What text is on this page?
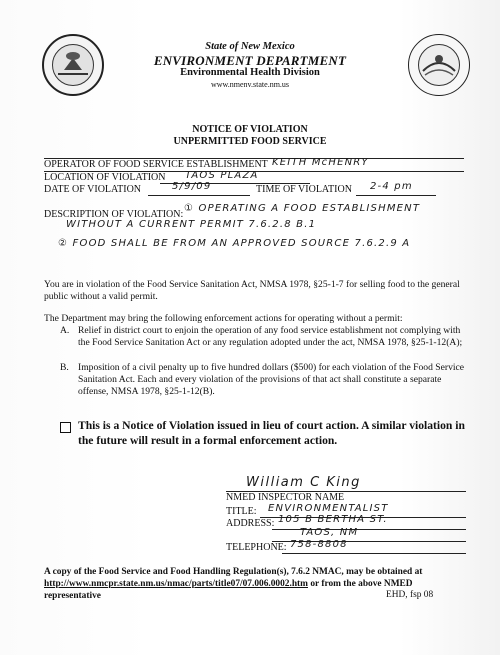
State of New Mexico
ENVIRONMENT DEPARTMENT
Environmental Health Division
www.nmenv.state.nm.us
NOTICE OF VIOLATION
UNPERMITTED FOOD SERVICE
OPERATOR OF FOOD SERVICE ESTABLISHMENT KEITH McHENRY
LOCATION OF VIOLATION TAOS PLAZA
DATE OF VIOLATION	5/9/09	TIME OF VIOLATION 2-4 pm
DESCRIPTION OF VIOLATION:
① OPERATING A FOOD ESTABLISHMENT
WITHOUT A CURRENT PERMIT 7.6.2.8 B.1
② FOOD SHALL BE FROM AN APPROVED SOURCE 7.6.2.9 A
You are in violation of the Food Service Sanitation Act, NMSA 1978, §25-1-7 for selling food to the general public without a valid permit.
The Department may bring the following enforcement actions for operating without a permit:
A. Relief in district court to enjoin the operation of any food service establishment not complying with the Food Service Sanitation Act or any regulation adopted under the act, NMSA 1978, §25-1-12(A);
B. Imposition of a civil penalty up to five hundred dollars ($500) for each violation of the Food Service Sanitation Act. Each and every violation of the provisions of that act shall constitute a separate offense, NMSA 1978, §25-1-12(B).
This is a Notice of Violation issued in lieu of court action. A similar violation in the future will result in a formal enforcement action.
William C King
NMED INSPECTOR NAME
TITLE: ENVIRONMENTALIST
ADDRESS: 105 B BERTHA ST.
TAOS, NM
TELEPHONE: 758-8808
A copy of the Food Service and Food Handling Regulation(s), 7.6.2 NMAC, may be obtained at
http://www.nmcpr.state.nm.us/nmac/parts/title07/07.006.0002.htm or from the above NMED
representative	EHD, fsp 08
